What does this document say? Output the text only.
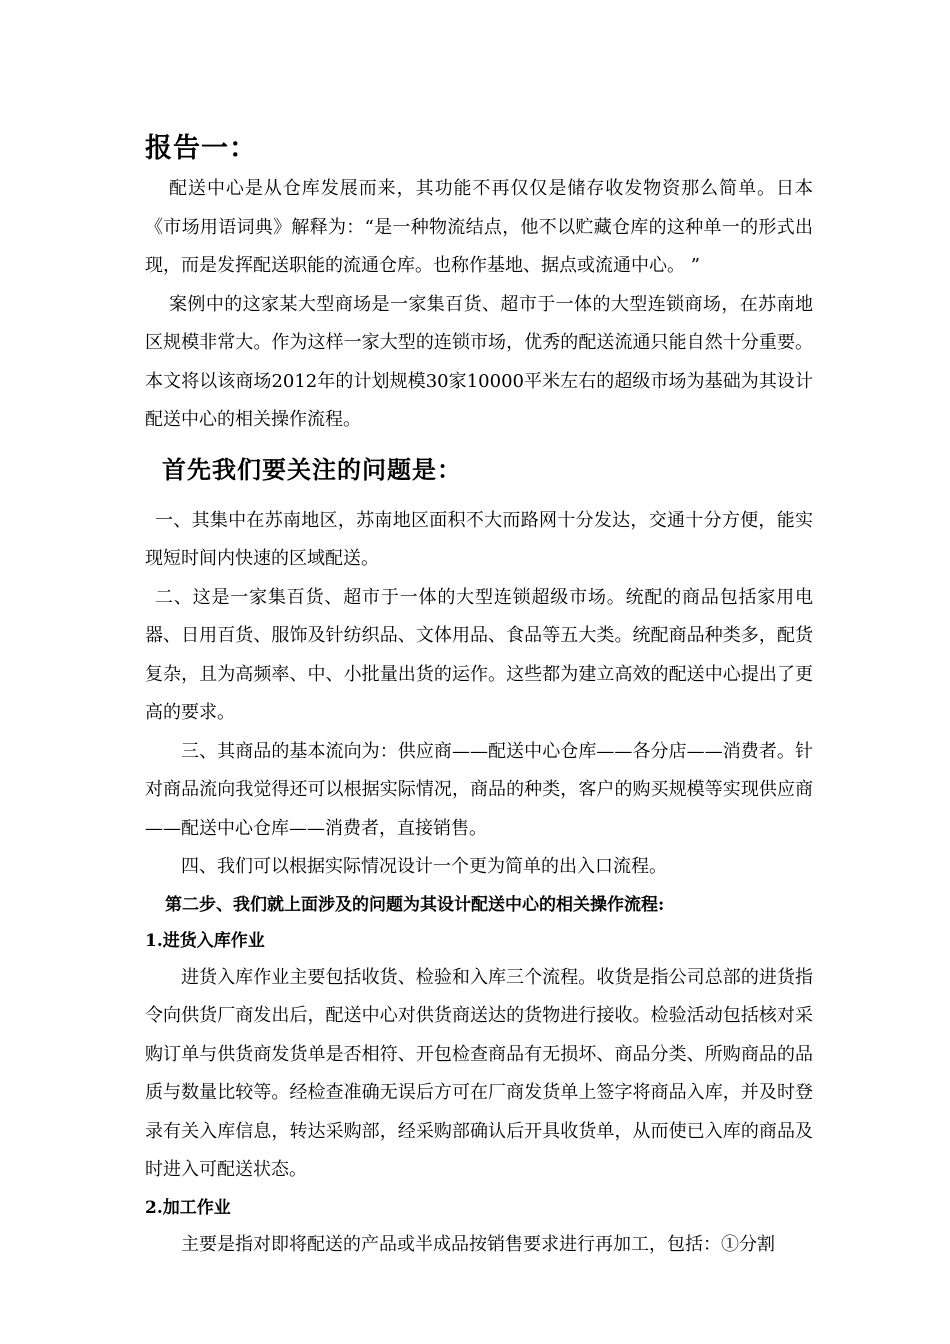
报告一：

配送中心是从仓库发展而来，其功能不再仅仅是储存收发物资那么简单。日本《市场用语词典》解释为：“是一种物流结点，他不以贮藏仓库的这种单一的形式出现，而是发挥配送职能的流通仓库。也称作基地、据点或流通中心。 ”

案例中的这家某大型商场是一家集百货、超市于一体的大型连锁商场，在苏南地区规模非常大。作为这样一家大型的连锁市场，优秀的配送流通只能自然十分重要。本文将以该商场2012年的计划规模30家10000平米左右的超级市场为基础为其设计配送中心的相关操作流程。

首先我们要关注的问题是：

一、其集中在苏南地区，苏南地区面积不大而路网十分发达，交通十分方便，能实现短时间内快速的区域配送。

二、这是一家集百货、超市于一体的大型连锁超级市场。统配的商品包括家用电器、日用百货、服饰及针纺织品、文体用品、食品等五大类。统配商品种类多，配货复杂，且为高频率、中、小批量出货的运作。这些都为建立高效的配送中心提出了更高的要求。

三、其商品的基本流向为：供应商——配送中心仓库——各分店——消费者。针对商品流向我觉得还可以根据实际情况，商品的种类，客户的购买规模等实现供应商——配送中心仓库——消费者，直接销售。

四、我们可以根据实际情况设计一个更为简单的出入口流程。

第二步、我们就上面涉及的问题为其设计配送中心的相关操作流程:

1.进货入库作业

进货入库作业主要包括收货、检验和入库三个流程。收货是指公司总部的进货指令向供货厂商发出后，配送中心对供货商送达的货物进行接收。检验活动包括核对采购订单与供货商发货单是否相符、开包检查商品有无损坏、商品分类、所购商品的品质与数量比较等。经检查准确无误后方可在厂商发货单上签字将商品入库，并及时登录有关入库信息，转达采购部，经采购部确认后开具收货单，从而使已入库的商品及时进入可配送状态。

2.加工作业

主要是指对即将配送的产品或半成品按销售要求进行再加工，包括：①分割
